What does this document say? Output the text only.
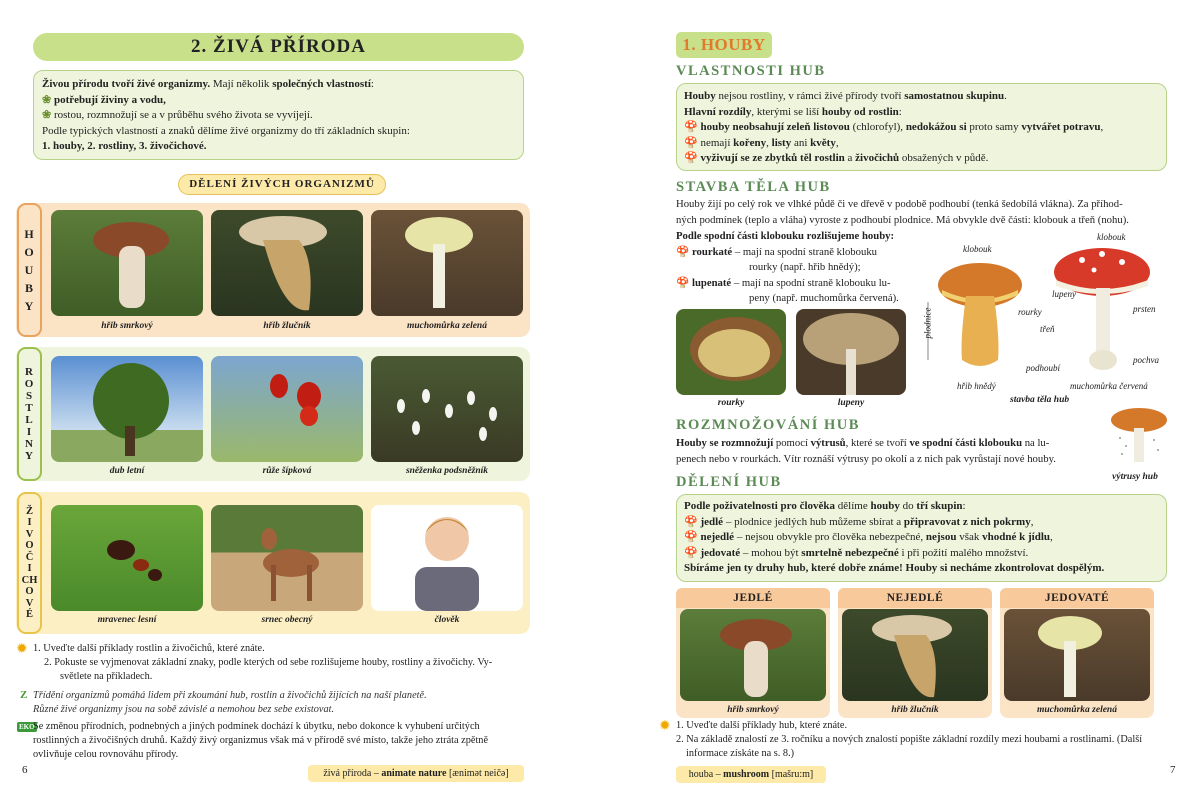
2. ŽIVÁ PŘÍRODA
Živou přírodu tvoří živé organizmy. Mají několik společných vlastností:
❀ potřebují živiny a vodu,
❀ rostou, rozmnožují se a v průběhu svého života se vyvíjejí.
Podle typických vlastností a znaků dělíme živé organizmy do tří základních skupin:
1. houby, 2. rostliny, 3. živočichové.
DĚLENÍ ŽIVÝCH ORGANIZMŮ
H
O
U
B
Y
hřib smrkový	hřib žlučník	muchomůrka zelená
R
O
S
T
L
I
N
Y
dub letní	růže šípková	sněženka podsněžník
Ž
I
V
O
Č
I
CH
O
V
É	mravenec lesní	srnec obecný	člověk
✹ 1. Uveďte další příklady rostlin a živočichů, které znáte.
2. Pokuste se vyjmenovat základní znaky, podle kterých od sebe rozlišujeme houby, rostliny a živočichy. Vy-
světlete na příkladech.
Z Třídění organizmů pomáhá lidem při zkoumání hub, rostlin a živočichů žijících na naší planetě.
Různé živé organizmy jsou na sobě závislé a nemohou bez sebe existovat.
EKO
Se změnou přírodních, podnebných a jiných podmínek dochází k úbytku, nebo dokonce k vyhubení určitých
rostlinných a živočišných druhů. Každý živý organizmus však má v přírodě své místo, takže jeho ztráta zpětně
ovlivňuje celou rovnováhu přírody.
6	živá příroda – animate nature [ænimət neičə]
1. HOUBY
VLASTNOSTI HUB
Houby nejsou rostliny, v rámci živé přírody tvoří samostatnou skupinu.
Hlavní rozdíly, kterými se liší houby od rostlin:
🍄 houby neobsahují zeleň listovou (chlorofyl), nedokážou si proto samy vytvářet potravu,
🍄 nemají kořeny, listy ani květy,
🍄 vyživují se ze zbytků těl rostlin a živočichů obsažených v půdě.
STAVBA TĚLA HUB
Houby žijí po celý rok ve vlhké půdě či ve dřevě v podobě podhoubí (tenká šedobílá vlákna). Za příhod-
ných podmínek (teplo a vláha) vyroste z podhoubí plodnice. Má obvykle dvě části: klobouk a třeň (nohu).
Podle spodní části klobouku rozlišujeme houby:
🍄 rourkaté – mají na spodní straně klobouku
rourky (např. hřib hnědý);
🍄 lupenaté – mají na spodní straně klobouku lu-
peny (např. muchomůrka červená).
rourky	lupeny
klobouk
klobouk
lupeny
prsten
rourky
třeň
plodnice
podhoubí
pochva
hřib hnědý	muchomůrka červená
stavba těla hub
ROZMNOŽOVÁNÍ HUB
Houby se rozmnožují pomocí výtrusů, které se tvoří ve spodní části klobouku na lu-
penech nebo v rourkách. Vítr roznáší výtrusy po okolí a z nich pak vyrůstají nové houby.
výtrusy hub
DĚLENÍ HUB
Podle poživatelnosti pro člověka dělíme houby do tří skupin:
🍄 jedlé – plodnice jedlých hub můžeme sbírat a připravovat z nich pokrmy,
🍄 nejedlé – nejsou obvykle pro člověka nebezpečné, nejsou však vhodné k jídlu,
🍄 jedovaté – mohou být smrtelně nebezpečné i při požití malého množství.
Sbíráme jen ty druhy hub, které dobře známe! Houby si necháme zkontrolovat dospělým.
JEDLÉ
hřib smrkový
NEJEDLÉ
hřib žlučník
JEDOVATÉ
muchomůrka zelená
✹ 1. Uveďte další příklady hub, které znáte.
2. Na základě znalostí ze 3. ročníku a nových znalostí popište základní rozdíly mezi houbami a rostlinami. (Další
informace získáte na s. 8.)
houba – mushroom [mašru:m]	7
